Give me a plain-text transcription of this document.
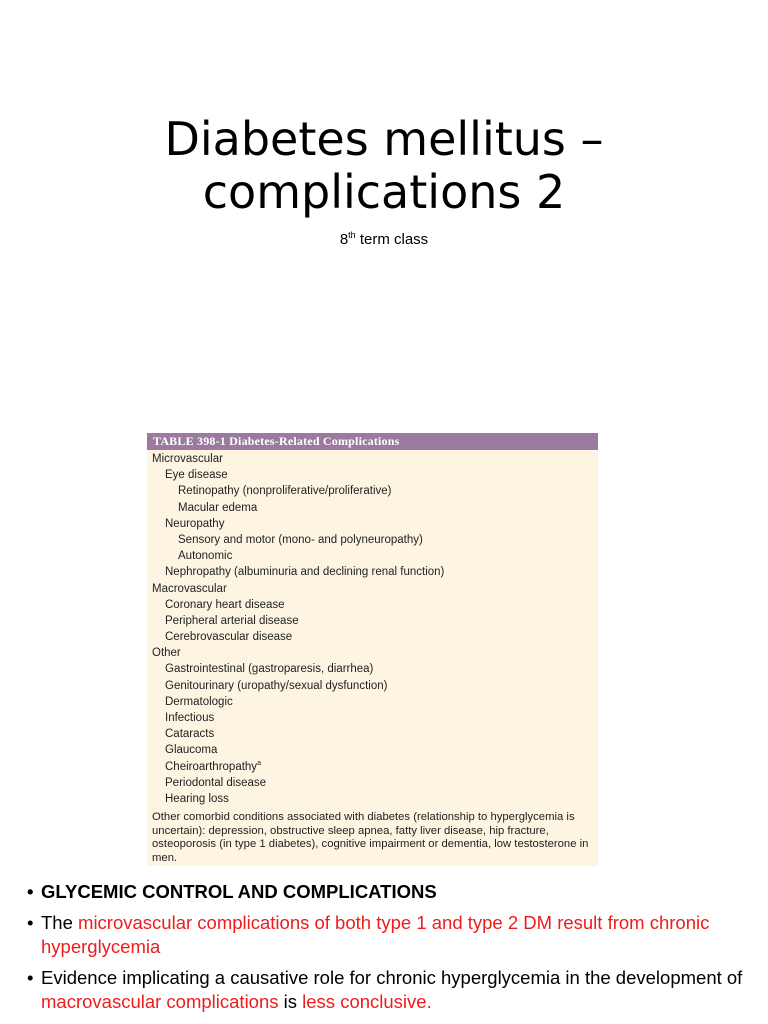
Diabetes mellitus –
complications 2
8th term class
TABLE 398-1 Diabetes-Related Complications
Microvascular
Eye disease
Retinopathy (nonproliferative/proliferative)
Macular edema
Neuropathy
Sensory and motor (mono- and polyneuropathy)
Autonomic
Nephropathy (albuminuria and declining renal function)
Macrovascular
Coronary heart disease
Peripheral arterial disease
Cerebrovascular disease
Other
Gastrointestinal (gastroparesis, diarrhea)
Genitourinary (uropathy/sexual dysfunction)
Dermatologic
Infectious
Cataracts
Glaucoma
Cheiroarthropathy$^a$
Periodontal disease
Hearing loss
Other comorbid conditions associated with diabetes (relationship to hyperglycemia is uncertain): depression, obstructive sleep apnea, fatty liver disease, hip fracture, osteoporosis (in type 1 diabetes), cognitive impairment or dementia, low testosterone in men.
• GLYCEMIC CONTROL AND COMPLICATIONS
• The microvascular complications of both type 1 and type 2 DM result from chronic hyperglycemia
• Evidence implicating a causative role for chronic hyperglycemia in the development of macrovascular complications is less conclusive.
